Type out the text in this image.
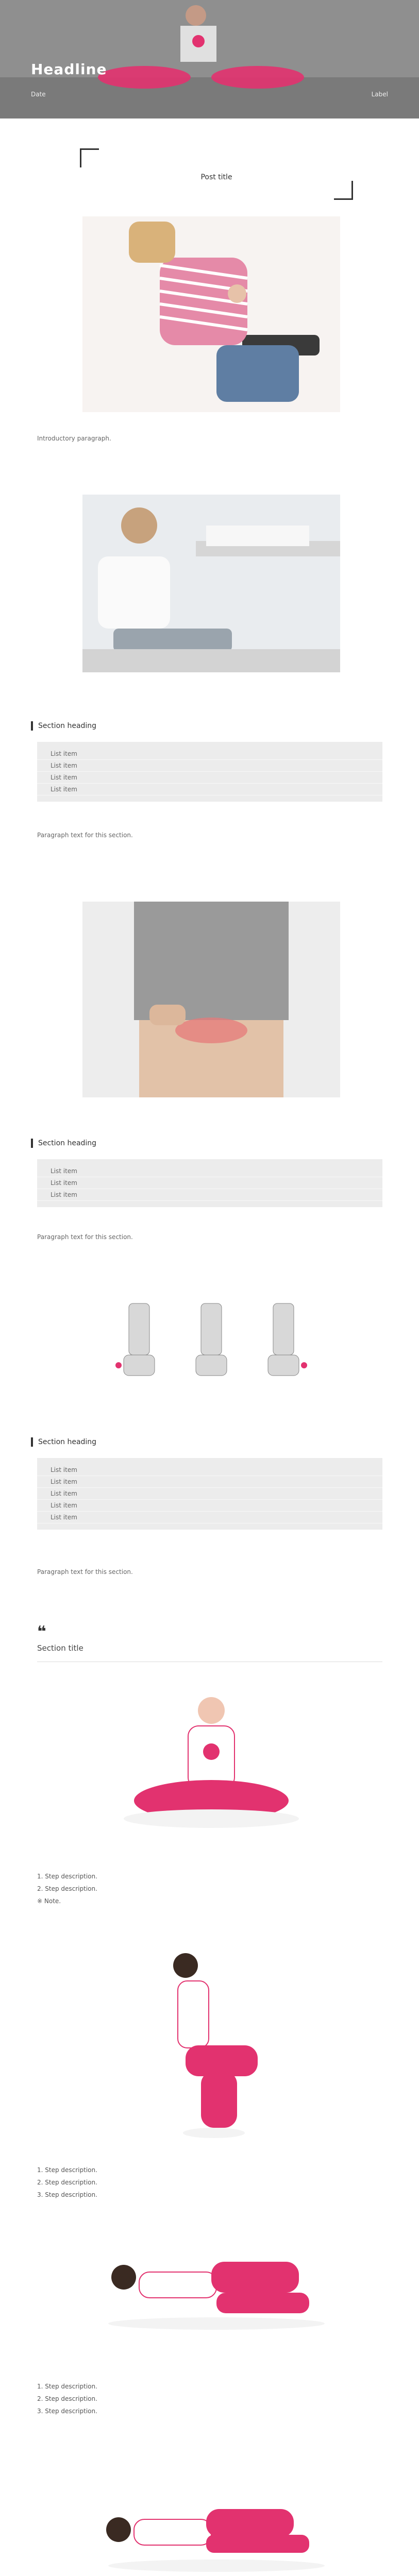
Headline
Date	Label
Post title
Introductory paragraph.
Section heading
List item
List item
List item
List item
Paragraph text for this section.
Section heading
List item
List item
List item
Paragraph text for this section.
Section heading
List item
List item
List item
List item
List item
Paragraph text for this section.
❝
Section title
1. Step description.
2. Step description.
※ Note.
1. Step description.
2. Step description.
3. Step description.
1. Step description.
2. Step description.
3. Step description.
